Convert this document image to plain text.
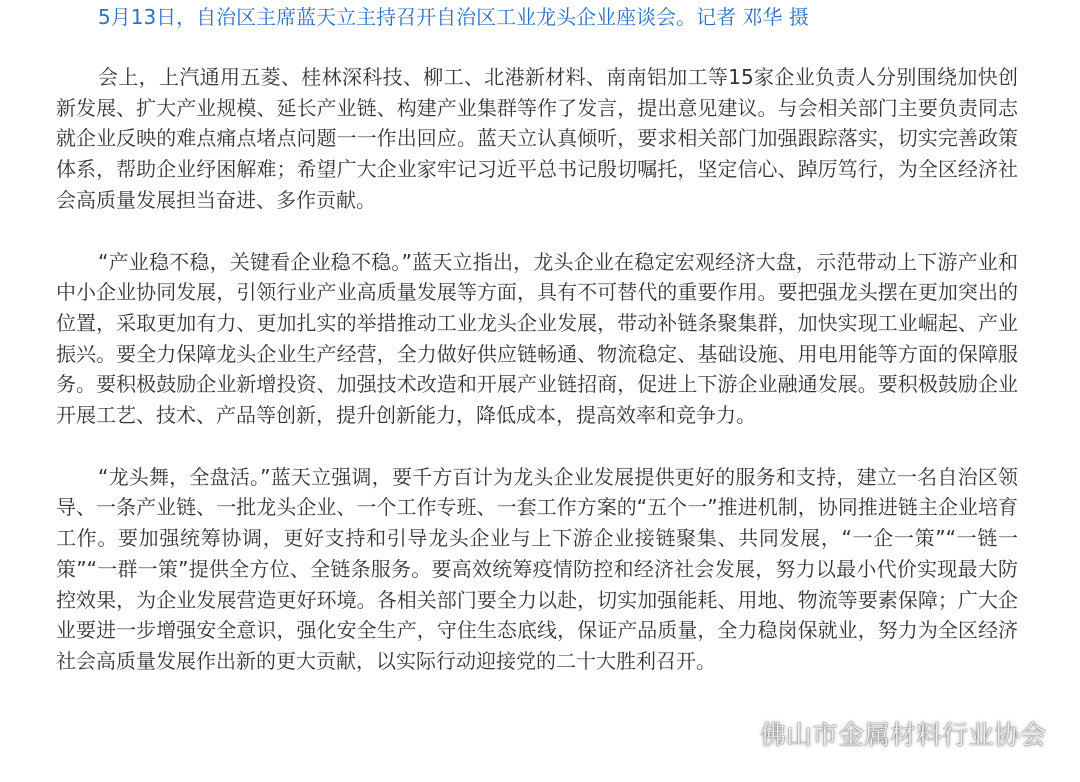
5月13日，自治区主席蓝天立主持召开自治区工业龙头企业座谈会。记者 邓华 摄

会上，上汽通用五菱、桂林深科技、柳工、北港新材料、南南铝加工等15家企业负责人分别围绕加快创新发展、扩大产业规模、延长产业链、构建产业集群等作了发言，提出意见建议。与会相关部门主要负责同志就企业反映的难点痛点堵点问题一一作出回应。蓝天立认真倾听，要求相关部门加强跟踪落实，切实完善政策体系，帮助企业纾困解难；希望广大企业家牢记习近平总书记殷切嘱托，坚定信心、踔厉笃行，为全区经济社会高质量发展担当奋进、多作贡献。

“产业稳不稳，关键看企业稳不稳。”蓝天立指出，龙头企业在稳定宏观经济大盘，示范带动上下游产业和中小企业协同发展，引领行业产业高质量发展等方面，具有不可替代的重要作用。要把强龙头摆在更加突出的位置，采取更加有力、更加扎实的举措推动工业龙头企业发展，带动补链条聚集群，加快实现工业崛起、产业振兴。要全力保障龙头企业生产经营，全力做好供应链畅通、物流稳定、基础设施、用电用能等方面的保障服务。要积极鼓励企业新增投资、加强技术改造和开展产业链招商，促进上下游企业融通发展。要积极鼓励企业开展工艺、技术、产品等创新，提升创新能力，降低成本，提高效率和竞争力。

“龙头舞，全盘活。”蓝天立强调，要千方百计为龙头企业发展提供更好的服务和支持，建立一名自治区领导、一条产业链、一批龙头企业、一个工作专班、一套工作方案的“五个一”推进机制，协同推进链主企业培育工作。要加强统筹协调，更好支持和引导龙头企业与上下游企业接链聚集、共同发展，“一企一策”“一链一策”“一群一策”提供全方位、全链条服务。要高效统筹疫情防控和经济社会发展，努力以最小代价实现最大防控效果，为企业发展营造更好环境。各相关部门要全力以赴，切实加强能耗、用地、物流等要素保障；广大企业要进一步增强安全意识，强化安全生产，守住生态底线，保证产品质量，全力稳岗保就业，努力为全区经济社会高质量发展作出新的更大贡献，以实际行动迎接党的二十大胜利召开。

佛山市金属材料行业协会
